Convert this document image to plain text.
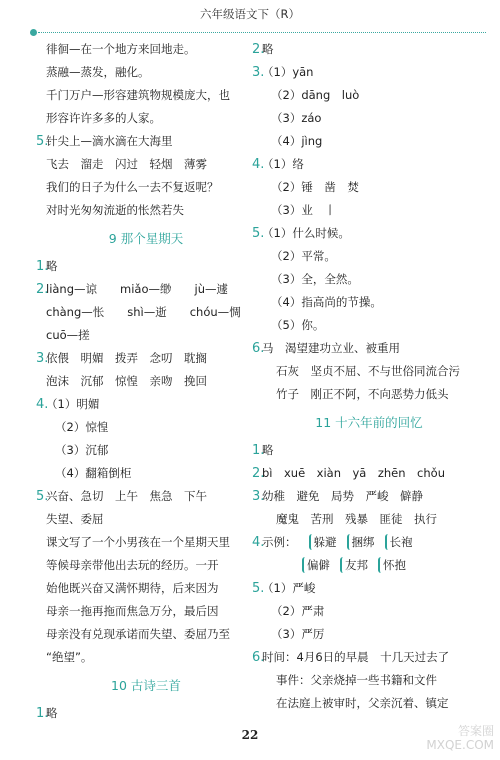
六年级语文下（R）
徘徊—在一个地方来回地走。
蒸融—蒸发，融化。
千门万户—形容建筑物规模庞大，也
形容许许多多的人家。
5.
针尖上—滴水滴在大海里
飞去　溜走　闪过　轻烟　薄雾
我们的日子为什么一去不复返呢？
对时光匆匆流逝的怅然若失
9 那个星期天
1.
略
2.
liàng—谅　　miǎo—缈　　jù—遽
chàng—怅　　shì—逝　　chóu—惆
cuō—搓
3.
依偎　明媚　拨弄　念叨　耽搁
泡沫　沉郁　惊惶　亲吻　挽回
4.
（1）明媚
（2）惊惶
（3）沉郁
（4）翻箱倒柜
5.
兴奋、急切　上午　焦急　下午
失望、委屈
课文写了一个小男孩在一个星期天里
等候母亲带他出去玩的经历。一开
始他既兴奋又满怀期待，后来因为
母亲一拖再拖而焦急万分，最后因
母亲没有兑现承诺而失望、委屈乃至
“绝望”。
10 古诗三首
1.
略
2.
略
3.
（1）yān
（2）dāng　luò
（3）záo
（4）jìng
4.
（1）络
（2）锤　凿　焚
（3）业　丨
5.
（1）什么时候。
（2）平常。
（3）全，全然。
（4）指高尚的节操。
（5）你。
6.
马　渴望建功立业、被重用
石灰　坚贞不屈、不与世俗同流合污
竹子　刚正不阿，不向恶势力低头
11 十六年前的回忆
1.
略
2.
bì　xuē　xiàn　yā　zhēn　chǒu
3.
幼稚　避免　局势　严峻　僻静
魔鬼　苦刑　残暴　匪徒　执行
4.
示例： 躲避 捆绑 长袍
偏僻 友邦 怀抱
5.
（1）严峻
（2）严肃
（3）严厉
6.
时间：4月6日的早晨　十几天过去了
事件：父亲烧掉一些书籍和文件
在法庭上被审时，父亲沉着、镇定
22	答案圈
MXQE.COM
